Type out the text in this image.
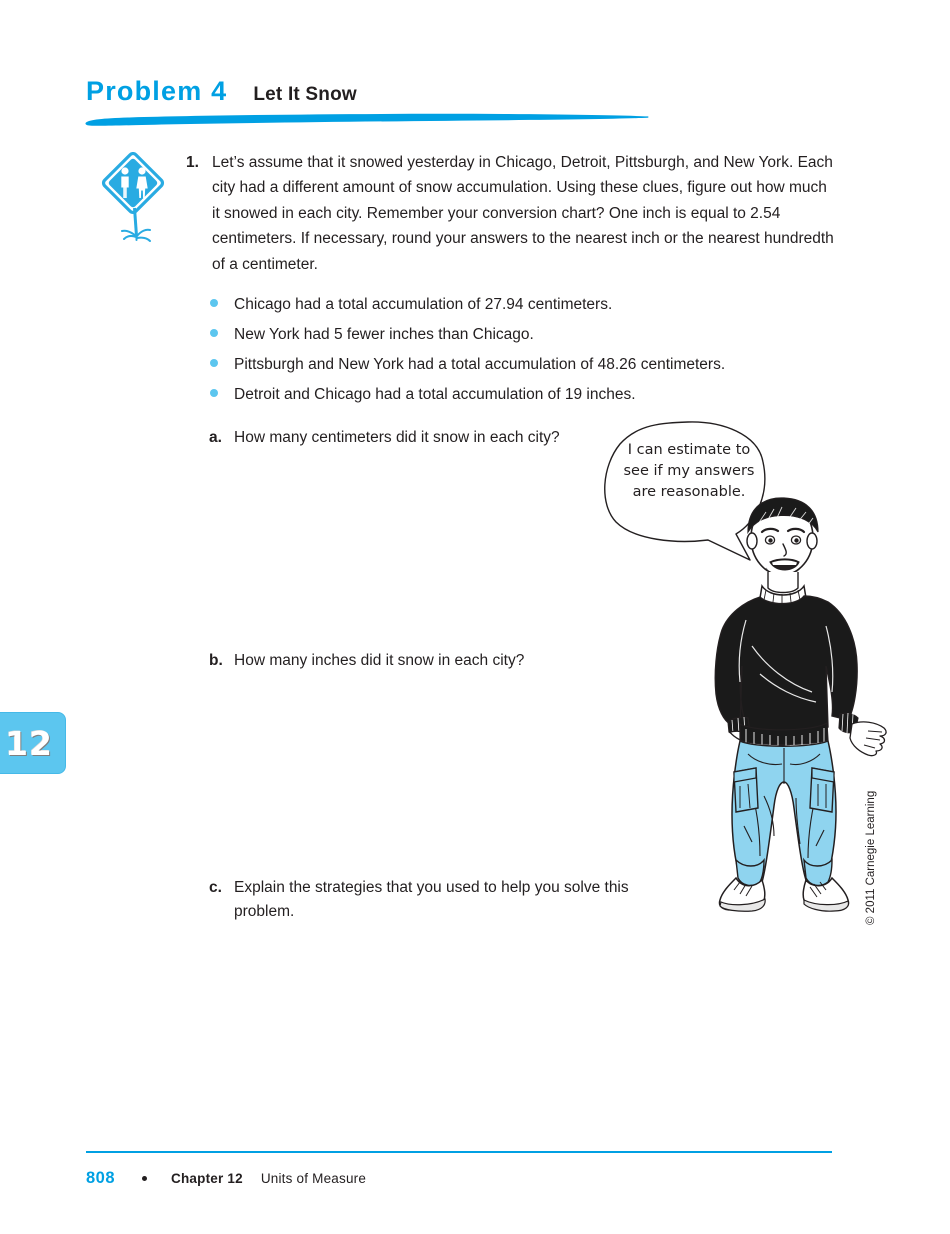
Problem 4 Let It Snow
1. Let’s assume that it snowed yesterday in Chicago, Detroit, Pittsburgh, and New York. Each city had a different amount of snow accumulation. Using these clues, figure out how much it snowed in each city. Remember your conversion chart? One inch is equal to 2.54 centimeters. If necessary, round your answers to the nearest inch or the nearest hundredth of a centimeter.
Chicago had a total accumulation of 27.94 centimeters.
New York had 5 fewer inches than Chicago.
Pittsburgh and New York had a total accumulation of 48.26 centimeters.
Detroit and Chicago had a total accumulation of 19 inches.
a. How many centimeters did it snow in each city?
b. How many inches did it snow in each city?
c. Explain the strategies that you used to help you solve this problem.
I can estimate to see if my answers are reasonable.
12
© 2011 Carnegie Learning
808	Chapter 12 Units of Measure
